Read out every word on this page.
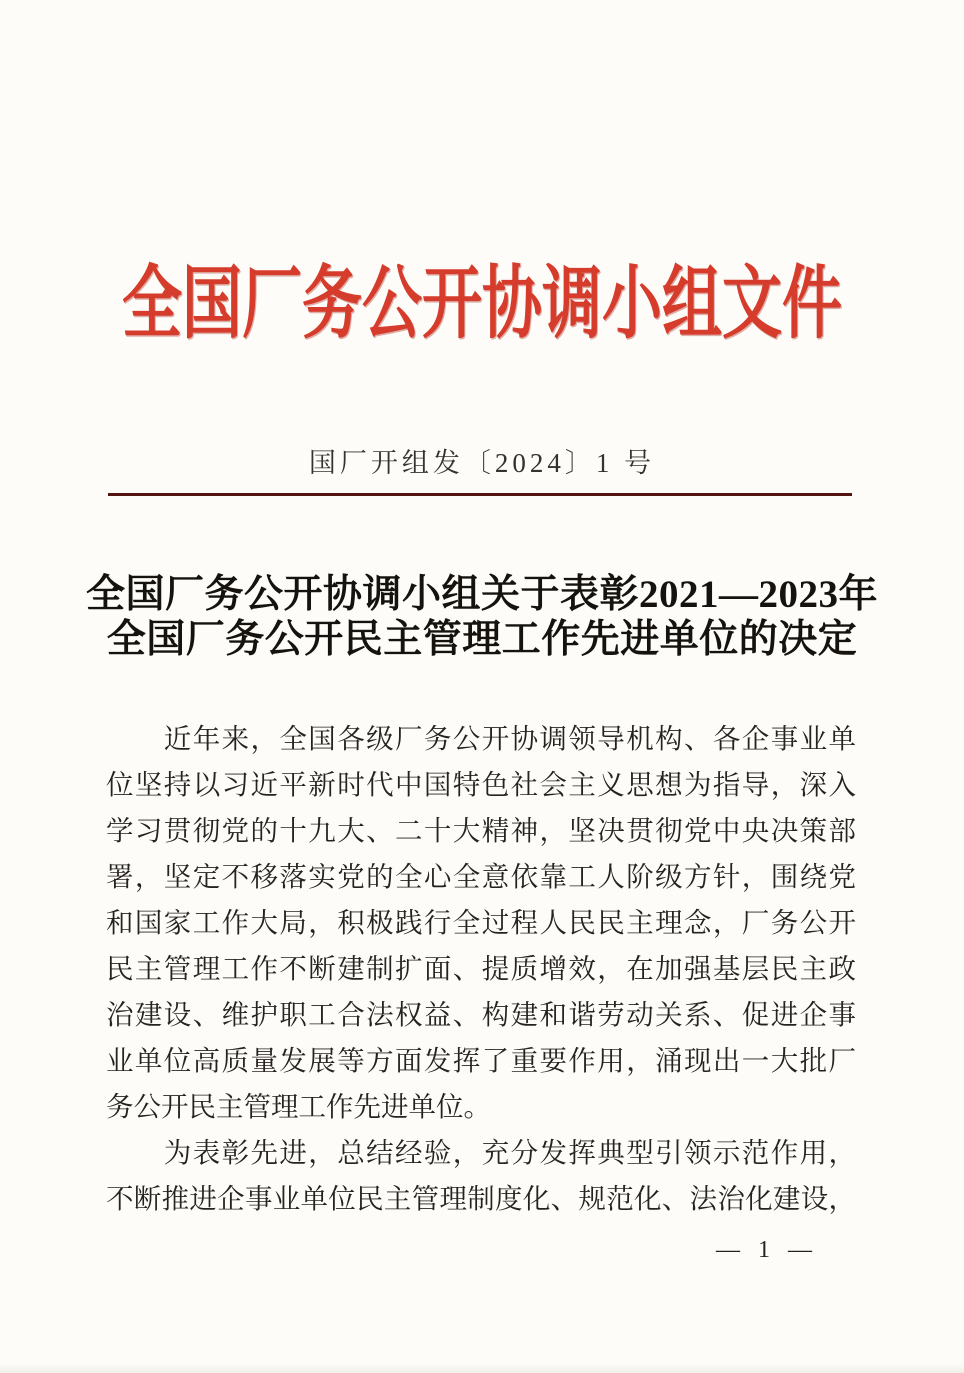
全国厂务公开协调小组文件
国厂开组发〔2024〕1 号
全国厂务公开协调小组关于表彰2021—2023年
全国厂务公开民主管理工作先进单位的决定
　　近年来，全国各级厂务公开协调领导机构、各企事业单
位坚持以习近平新时代中国特色社会主义思想为指导，深入
学习贯彻党的十九大、二十大精神，坚决贯彻党中央决策部
署，坚定不移落实党的全心全意依靠工人阶级方针，围绕党
和国家工作大局，积极践行全过程人民民主理念，厂务公开
民主管理工作不断建制扩面、提质增效，在加强基层民主政
治建设、维护职工合法权益、构建和谐劳动关系、促进企事
业单位高质量发展等方面发挥了重要作用，涌现出一大批厂
务公开民主管理工作先进单位。
　　为表彰先进，总结经验，充分发挥典型引领示范作用，
不断推进企事业单位民主管理制度化、规范化、法治化建设，
— 1 —
